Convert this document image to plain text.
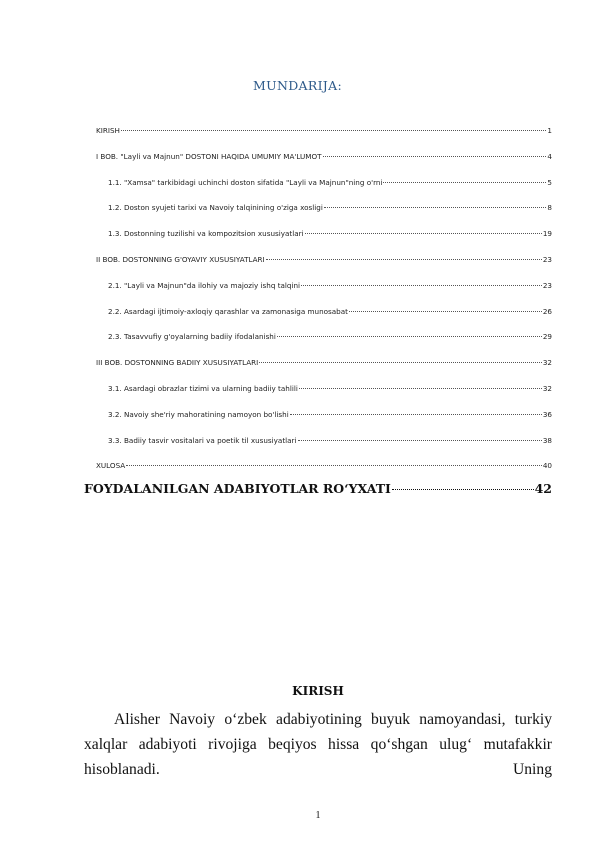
MUNDARIJA:
KIRISH	1
I BOB. "Layli va Majnun" DOSTONI HAQIDA UMUMIY MA'LUMOT	4
1.1. "Xamsa" tarkibidagi uchinchi doston sifatida "Layli va Majnun"ning o'rni	5
1.2. Doston syujeti tarixi va Navoiy talqinining o'ziga xosligi	8
1.3. Dostonning tuzilishi va kompozitsion xususiyatlari	19
II BOB. DOSTONNING G'OYAVIY XUSUSIYATLARI	23
2.1. "Layli va Majnun"da ilohiy va majoziy ishq talqini	23
2.2. Asardagi ijtimoiy-axloqiy qarashlar va zamonasiga munosabat	26
2.3. Tasavvufiy g'oyalarning badiiy ifodalanishi	29
III BOB. DOSTONNING BADIIY XUSUSIYATLARI	32
3.1. Asardagi obrazlar tizimi va ularning badiiy tahlili	32
3.2. Navoiy she'riy mahoratining namoyon bo'lishi	36
3.3. Badiiy tasvir vositalari va poetik til xususiyatlari	38
XULOSA	40
FOYDALANILGAN ADABIYOTLAR RO‘YXATI	42
KIRISH
Alisher Navoiy o‘zbek adabiyotining buyuk namoyandasi, turkiy xalqlar adabiyoti rivojiga beqiyos hissa qo‘shgan ulug‘ mutafakkir hisoblanadi. Uning
1
